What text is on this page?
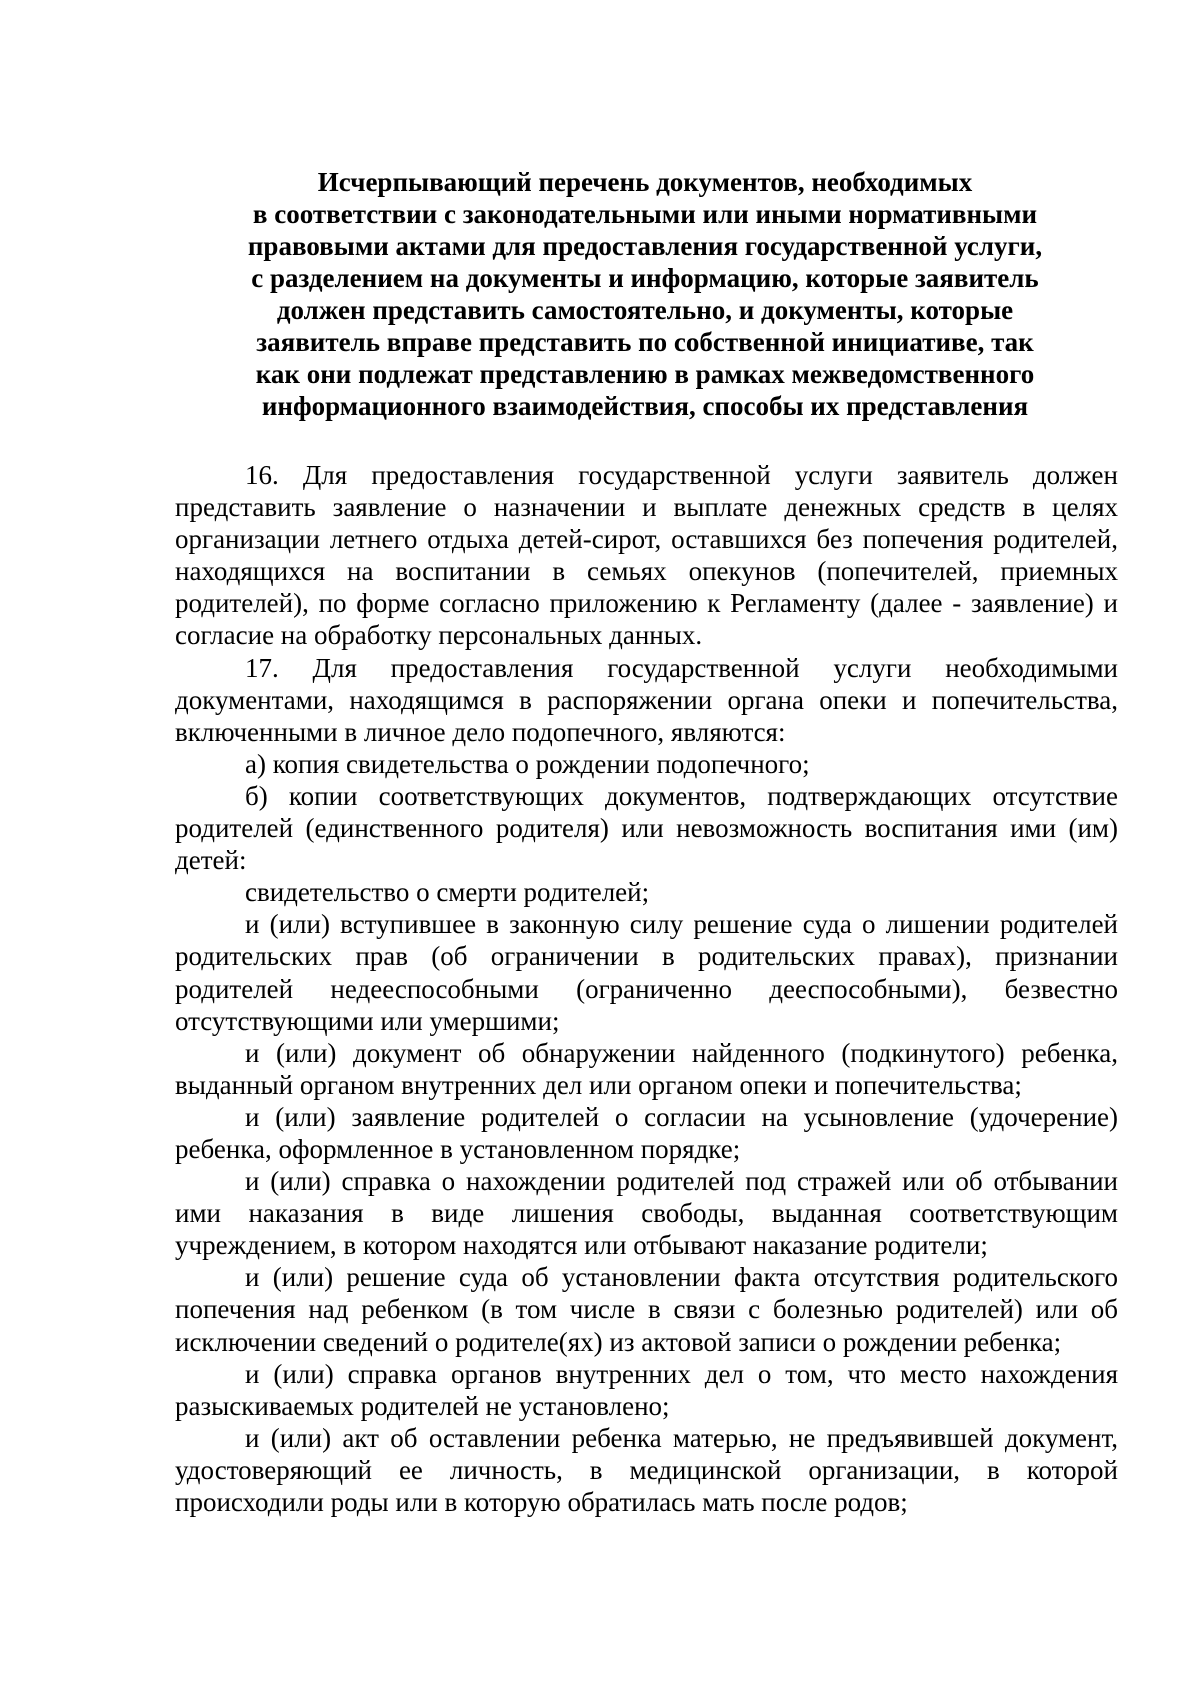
Исчерпывающий перечень документов, необходимых
в соответствии с законодательными или иными нормативными
правовыми актами для предоставления государственной услуги,
с разделением на документы и информацию, которые заявитель
должен представить самостоятельно, и документы, которые
заявитель вправе представить по собственной инициативе, так
как они подлежат представлению в рамках межведомственного
информационного взаимодействия, способы их представления

16. Для предоставления государственной услуги заявитель должен представить заявление о назначении и выплате денежных средств в целях организации летнего отдыха детей-сирот, оставшихся без попечения родителей, находящихся на воспитании в семьях опекунов (попечителей, приемных родителей), по форме согласно приложению к Регламенту (далее - заявление) и согласие на обработку персональных данных.

17. Для предоставления государственной услуги необходимыми документами, находящимся в распоряжении органа опеки и попечительства, включенными в личное дело подопечного, являются:

а) копия свидетельства о рождении подопечного;

б) копии соответствующих документов, подтверждающих отсутствие родителей (единственного родителя) или невозможность воспитания ими (им) детей:

свидетельство о смерти родителей;

и (или) вступившее в законную силу решение суда о лишении родителей родительских прав (об ограничении в родительских правах), признании родителей недееспособными (ограниченно дееспособными), безвестно отсутствующими или умершими;

и (или) документ об обнаружении найденного (подкинутого) ребенка, выданный органом внутренних дел или органом опеки и попечительства;

и (или) заявление родителей о согласии на усыновление (удочерение) ребенка, оформленное в установленном порядке;

и (или) справка о нахождении родителей под стражей или об отбывании ими наказания в виде лишения свободы, выданная соответствующим учреждением, в котором находятся или отбывают наказание родители;

и (или) решение суда об установлении факта отсутствия родительского попечения над ребенком (в том числе в связи с болезнью родителей) или об исключении сведений о родителе(ях) из актовой записи о рождении ребенка;

и (или) справка органов внутренних дел о том, что место нахождения разыскиваемых родителей не установлено;

и (или) акт об оставлении ребенка матерью, не предъявившей документ, удостоверяющий ее личность, в медицинской организации, в которой происходили роды или в которую обратилась мать после родов;
